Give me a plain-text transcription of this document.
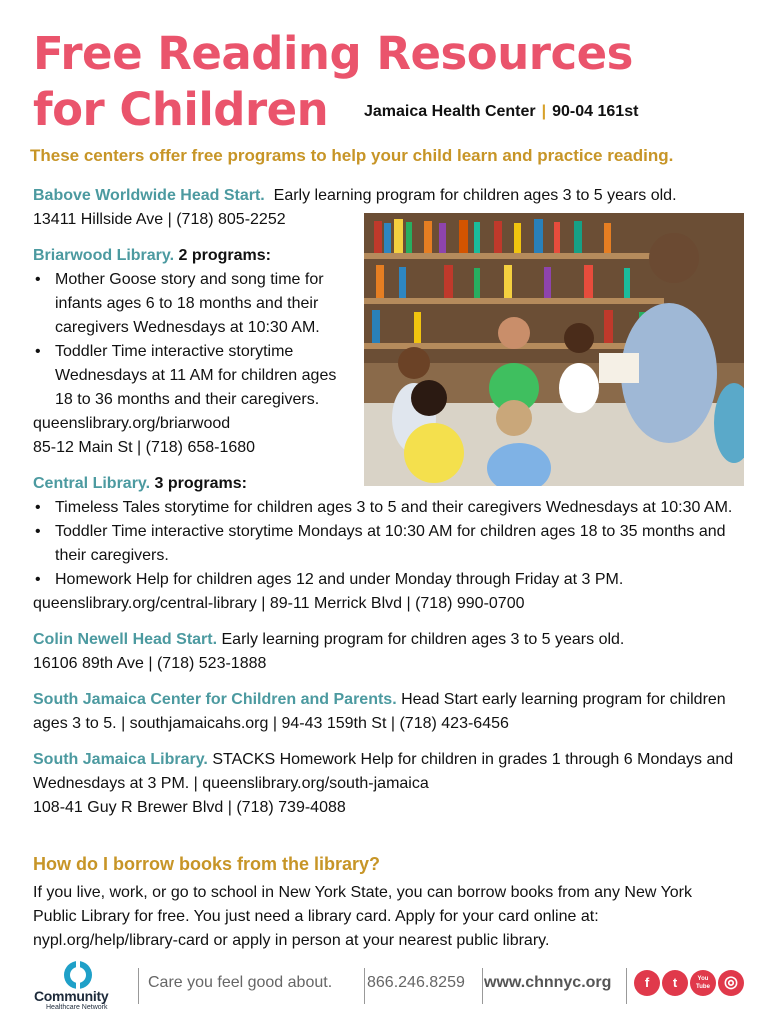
Free Reading Resources for Children	Jamaica Health Center | 90-04 161st

These centers offer free programs to help your child learn and practice reading.

Babove Worldwide Head Start. Early learning program for children ages 3 to 5 years old.
13411 Hillside Ave | (718) 805-2252
Briarwood Library. 2 programs:
• Mother Goose story and song time for infants ages 6 to 18 months and their caregivers Wednesdays at 10:30 AM.
• Toddler Time interactive storytime Wednesdays at 11 AM for children ages 18 to 36 months and their caregivers.
queenslibrary.org/briarwood
85-12 Main St | (718) 658-1680
Central Library. 3 programs:
• Timeless Tales storytime for children ages 3 to 5 and their caregivers Wednesdays at 10:30 AM.
• Toddler Time interactive storytime Mondays at 10:30 AM for children ages 18 to 35 months and their caregivers.
• Homework Help for children ages 12 and under Monday through Friday at 3 PM.
queenslibrary.org/central-library | 89-11 Merrick Blvd | (718) 990-0700
Colin Newell Head Start. Early learning program for children ages 3 to 5 years old.
16106 89th Ave | (718) 523-1888
South Jamaica Center for Children and Parents. Head Start early learning program for children ages 3 to 5. | southjamaicahs.org | 94-43 159th St | (718) 423-6456
South Jamaica Library. STACKS Homework Help for children in grades 1 through 6 Mondays and Wednesdays at 3 PM. | queenslibrary.org/south-jamaica
108-41 Guy R Brewer Blvd | (718) 739-4088
How do I borrow books from the library?

If you live, work, or go to school in New York State, you can borrow books from any New York Public Library for free. You just need a library card. Apply for your card online at: nypl.org/help/library-card or apply in person at your nearest public library.

Community
Healthcare Network
Care you feel good about. 866.246.8259 www.chnnyc.org	f	t	You Tube ◎
